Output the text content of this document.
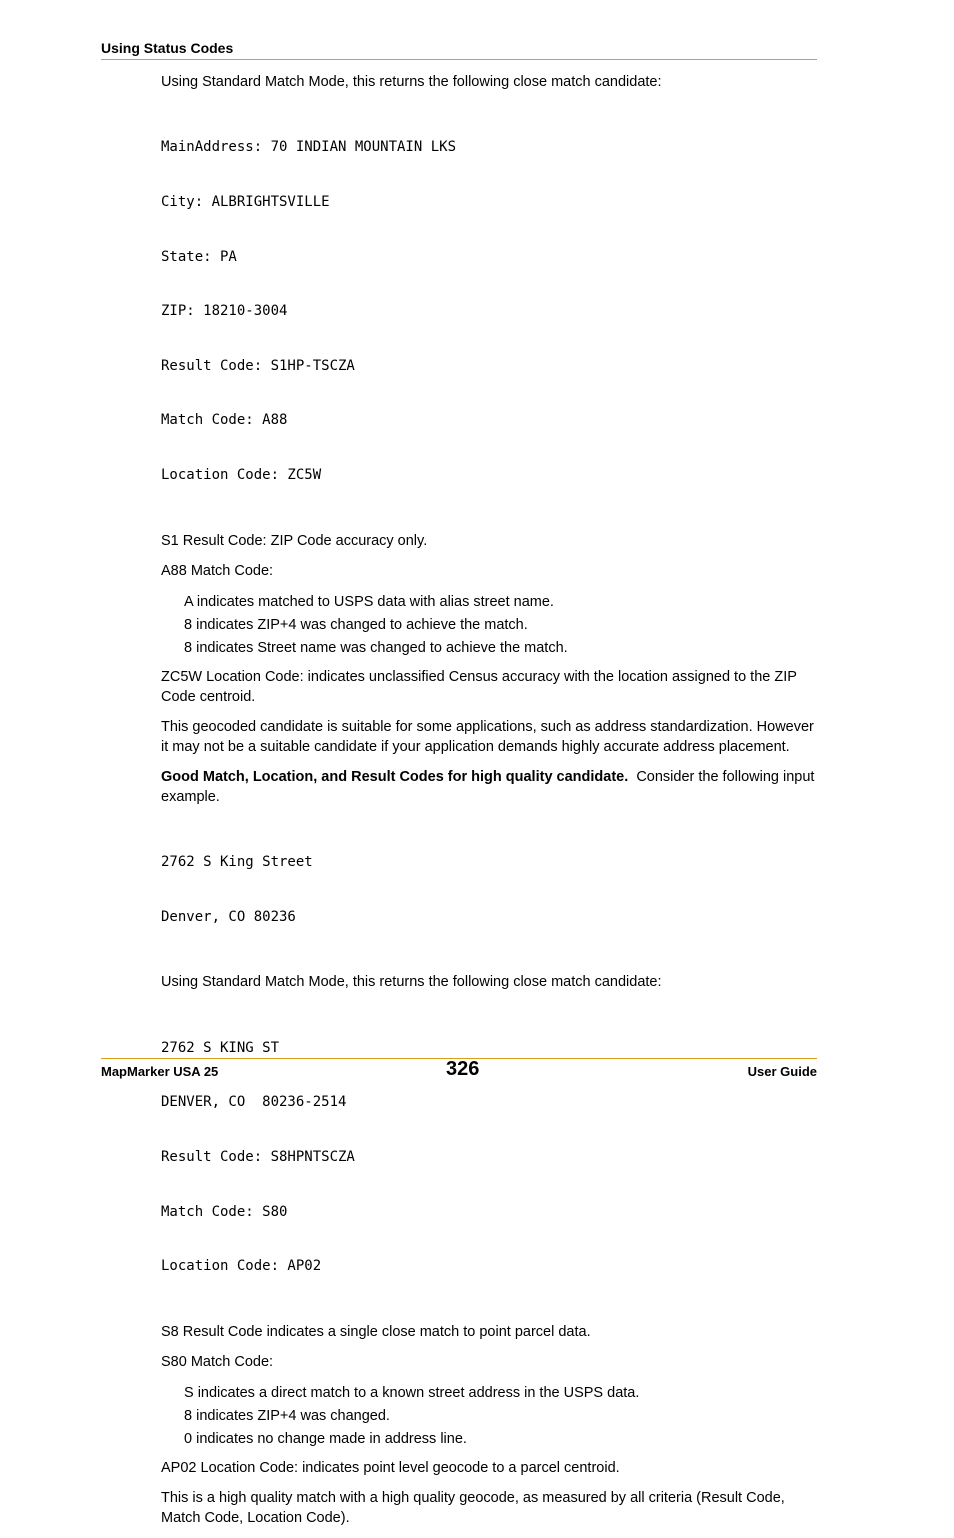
Using Status Codes

Using Standard Match Mode, this returns the following close match candidate:

MainAddress: 70 INDIAN MOUNTAIN LKS

City: ALBRIGHTSVILLE

State: PA

ZIP: 18210-3004

Result Code: S1HP-TSCZA

Match Code: A88

Location Code: ZC5W

S1 Result Code: ZIP Code accuracy only.

A88 Match Code:

A indicates matched to USPS data with alias street name.
8 indicates ZIP+4 was changed to achieve the match.
8 indicates Street name was changed to achieve the match.

ZC5W Location Code: indicates unclassified Census accuracy with the location assigned to the ZIP Code centroid.

This geocoded candidate is suitable for some applications, such as address standardization. However it may not be a suitable candidate if your application demands highly accurate address placement.

Good Match, Location, and Result Codes for high quality candidate. Consider the following input example.

2762 S King Street

Denver, CO 80236

Using Standard Match Mode, this returns the following close match candidate:

2762 S KING ST

DENVER, CO  80236-2514

Result Code: S8HPNTSCZA

Match Code: S80

Location Code: AP02

S8 Result Code indicates a single close match to point parcel data.

S80 Match Code:

S indicates a direct match to a known street address in the USPS data.
8 indicates ZIP+4 was changed.
0 indicates no change made in address line.

AP02 Location Code: indicates point level geocode to a parcel centroid.

This is a high quality match with a high quality geocode, as measured by all criteria (Result Code, Match Code, Location Code).

MapMarker USA 25	326	User Guide
